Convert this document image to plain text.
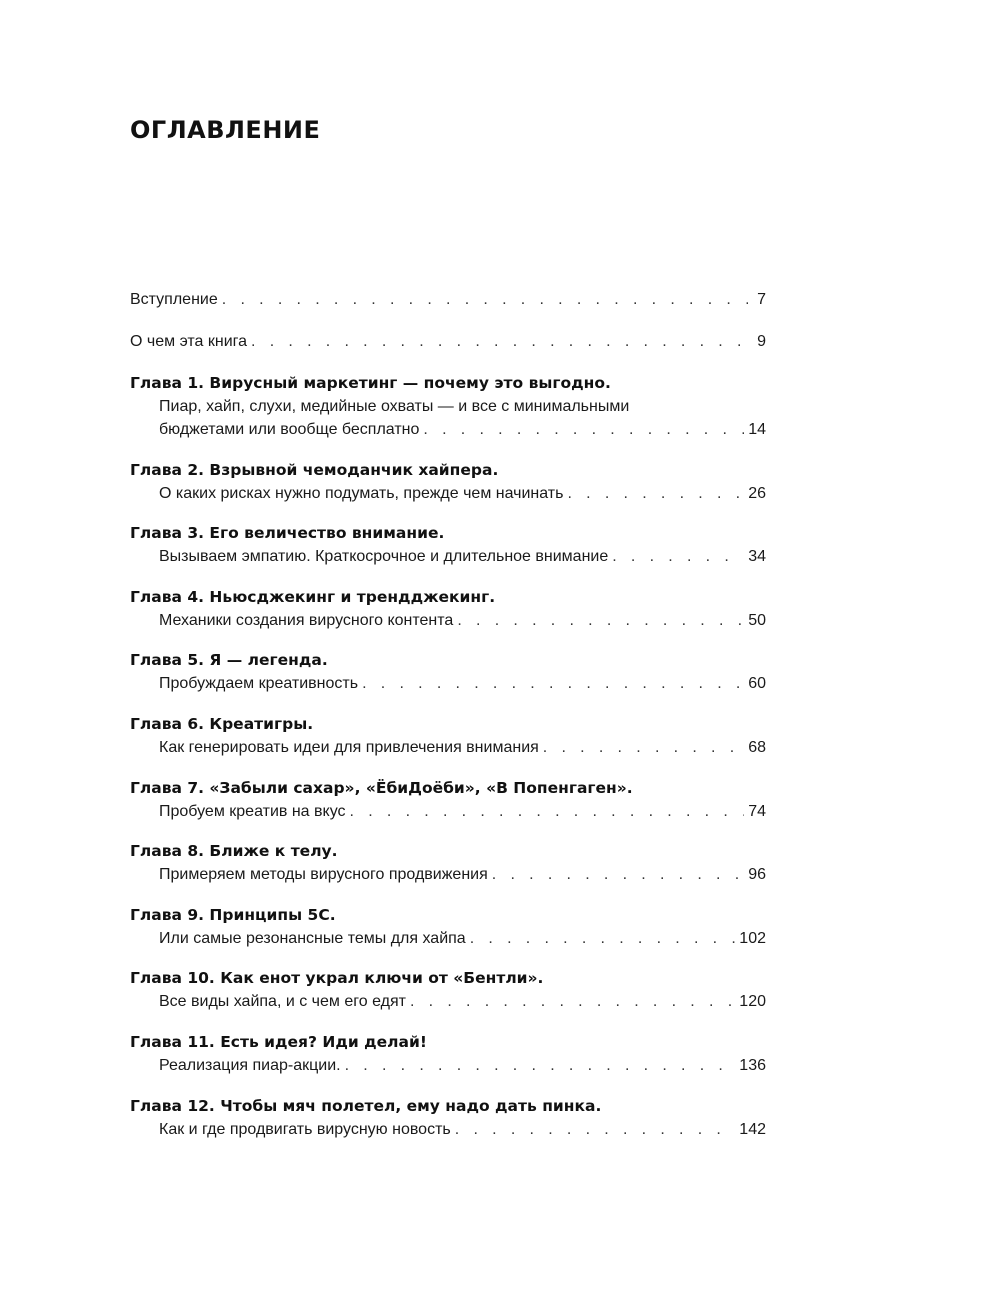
ОГЛАВЛЕНИЕ
Вступление . . .	7
О чем эта книга . . .	9
Глава 1. Вирусный маркетинг — почему это выгодно.
Пиар, хайп, слухи, медийные охваты — и все с минимальными
бюджетами или вообще бесплатно . . .	14
Глава 2. Взрывной чемоданчик хайпера.
О каких рисках нужно подумать, прежде чем начинать . . .	26
Глава 3. Его величество внимание.
Вызываем эмпатию. Краткосрочное и длительное внимание . . .	34
Глава 4. Ньюсджекинг и трендджекинг.
Механики создания вирусного контента . . .	50
Глава 5. Я — легенда.
Пробуждаем креативность . . .	60
Глава 6. Креатигры.
Как генерировать идеи для привлечения внимания . . .	68
Глава 7. «Забыли сахар», «ЁбиДоёби», «В Попенгаген».
Пробуем креатив на вкус . . .	74
Глава 8. Ближе к телу.
Примеряем методы вирусного продвижения . . .	96
Глава 9. Принципы 5С.
Или самые резонансные темы для хайпа . . .	102
Глава 10. Как енот украл ключи от «Бентли».
Все виды хайпа, и с чем его едят . . .	120
Глава 11. Есть идея? Иди делай!
Реализация пиар-акции. . . .	136
Глава 12. Чтобы мяч полетел, ему надо дать пинка.
Как и где продвигать вирусную новость . . .	142
